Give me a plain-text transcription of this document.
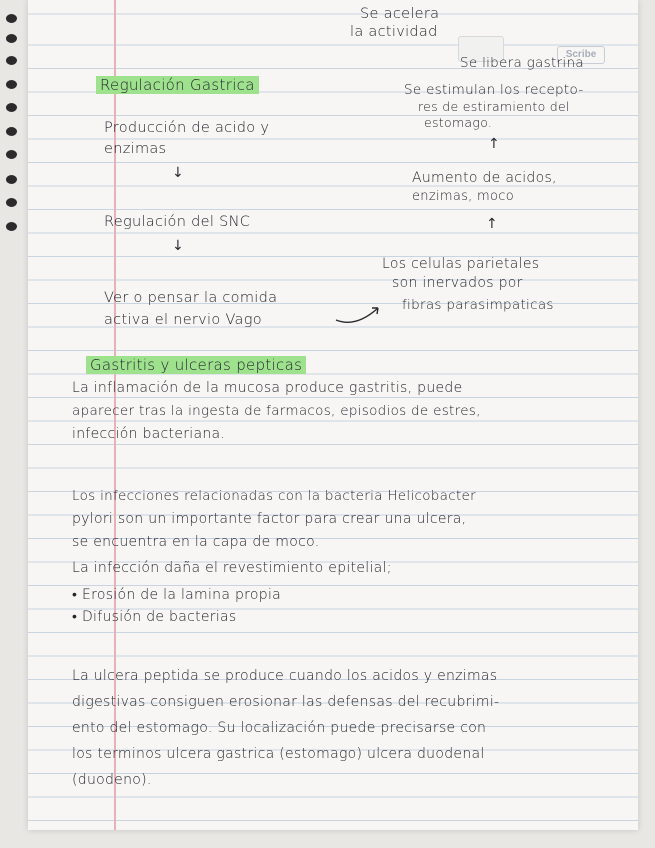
Scribe
Se acelera
la actividad
Se libera gastrina
Regulación Gastrica
Producción de acido y
enzimas
↓
Regulación del SNC
↓
Ver o pensar la comida
activa el nervio Vago
Se estimulan los recepto-
res de estiramiento del
estomago.
↑
Aumento de acidos,
enzimas, moco
↑
Los celulas parietales
son inervados por
fibras parasimpaticas
Gastritis y ulceras pepticas
La inflamación de la mucosa produce gastritis, puede
aparecer tras la ingesta de farmacos, episodios de estres,
infección bacteriana.
Los infecciones relacionadas con la bacteria Helicobacter
pylori son un importante factor para crear una ulcera,
se encuentra en la capa de moco.
La infección daña el revestimiento epitelial;
• Erosión de la lamina propia
• Difusión de bacterias
La ulcera peptida se produce cuando los acidos y enzimas
digestivas consiguen erosionar las defensas del recubrimi-
ento del estomago. Su localización puede precisarse con
los terminos ulcera gastrica (estomago) ulcera duodenal
(duodeno).
